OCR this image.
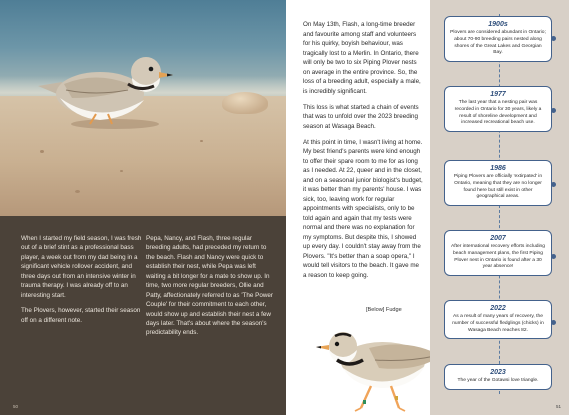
When I started my field season, I was fresh out of a brief stint as a professional bass player, a week out from my dad being in a significant vehicle rollover accident, and three days out from an intensive winter in trauma therapy. I was already off to an interesting start.

The Plovers, however, started their season off on a different note.

Pepa, Nancy, and Flash, three regular breeding adults, had preceded my return to the beach. Flash and Nancy were quick to establish their nest, while Pepa was left waiting a bit longer for a mate to show up. In time, two more regular breeders, Ollie and Patty, affectionately referred to as 'The Power Couple' for their commitment to each other, would show up and establish their nest a few days later. That's about where the season's predictability ends.

50

On May 13th, Flash, a long-time breeder and favourite among staff and volunteers for his quirky, boyish behaviour, was tragically lost to a Merlin. In Ontario, there will only be two to six Piping Plover nests on average in the entire province. So, the loss of a breeding adult, especially a male, is incredibly significant.

This loss is what started a chain of events that was to unfold over the 2023 breeding season at Wasaga Beach.

At this point in time, I wasn't living at home. My best friend's parents were kind enough to offer their spare room to me for as long as I needed. At 22, queer and in the closet, and on a seasonal junior biologist's budget, it was better than my parents' house. I was sick, too, leaving work for regular appointments with specialists, only to be told again and again that my tests were normal and there was no explanation for my symptoms. But despite this, I showed up every day. I couldn't stay away from the Plovers. "It's better than a soap opera," I would tell visitors to the beach. It gave me a reason to keep going.

[Below] Fudge
1900s
Plovers are considered abundant in Ontario; about 70-90 breeding pairs nested along shores of the Great Lakes and Georgian Bay.
1977
The last year that a nesting pair was recorded in Ontario for 30 years, likely a result of shoreline development and increased recreational beach use.
1986
Piping Plovers are officially 'extirpated' in Ontario, meaning that they are no longer found here but still exist in other geographical areas.
2007
After international recovery efforts including beach management plans, the first Piping Plover nest in Ontario is found after a 30 year absence!
2022
As a result of many years of recovery, the number of successful fledglings (chicks) in Wasaga Beach reaches 82.
2023
The year of the Gotawsi love triangle.
51
